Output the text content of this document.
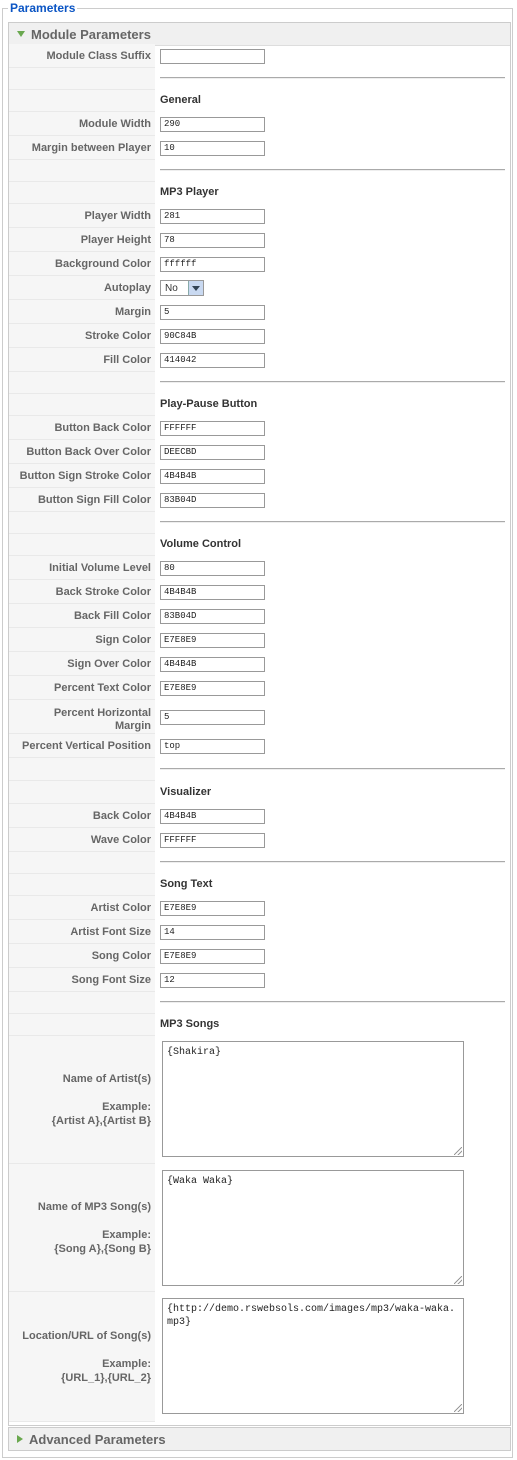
Parameters
Module Parameters
Module Class Suffix
General
Module Width
290
Margin between Player
10
MP3 Player
Player Width
281
Player Height
78
Background Color
ffffff
Autoplay	No
Margin
5
Stroke Color
90C84B
Fill Color
414042
Play-Pause Button
Button Back Color
FFFFFF
Button Back Over Color
DEECBD
Button Sign Stroke Color
4B4B4B
Button Sign Fill Color
83B04D
Volume Control
Initial Volume Level
80
Back Stroke Color
4B4B4B
Back Fill Color
83B04D
Sign Color
E7E8E9
Sign Over Color
4B4B4B
Percent Text Color
E7E8E9
Percent Horizontal
Margin
5
Percent Vertical Position
top
Visualizer
Back Color
4B4B4B
Wave Color
FFFFFF
Song Text
Artist Color
E7E8E9
Artist Font Size
14
Song Color
E7E8E9
Song Font Size
12
MP3 Songs
Name of Artist(s)
Example:
{Artist A},{Artist B}
{Shakira}
Name of MP3 Song(s)
Example:
{Song A},{Song B}
{Waka Waka}
Location/URL of Song(s)
Example:
{URL_1},{URL_2}
{http://demo.rswebsols.com/images/mp3/waka-waka.mp3}
Advanced Parameters
